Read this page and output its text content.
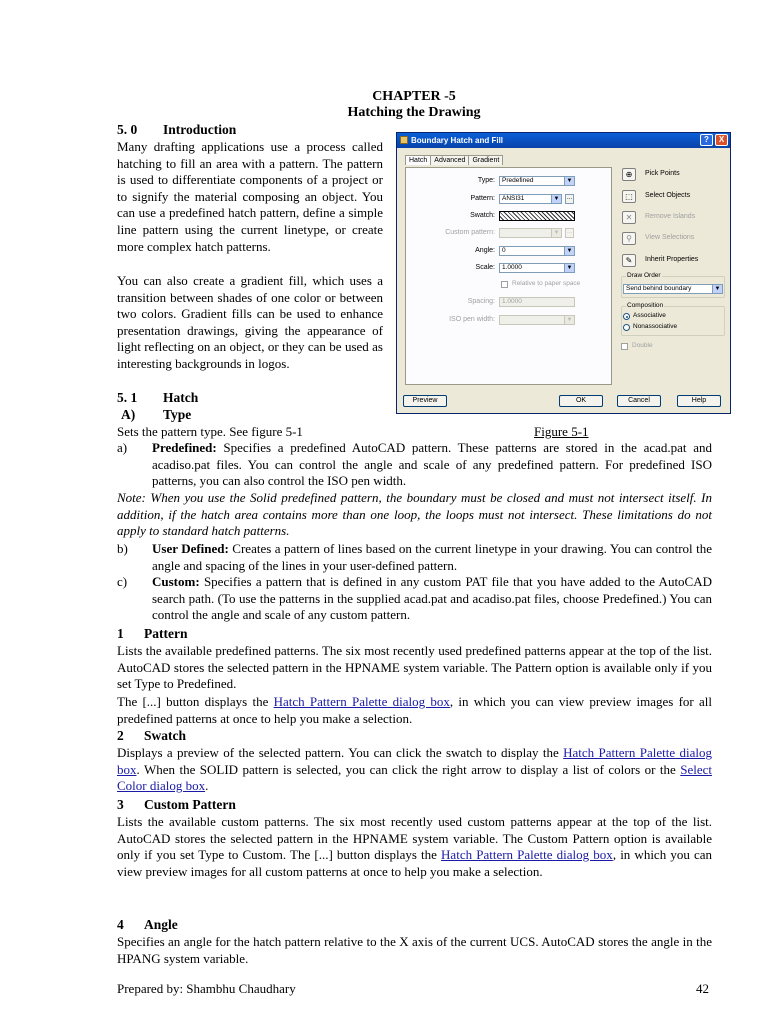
CHAPTER -5
Hatching the Drawing
5. 0 Introduction
Many drafting applications use a process called hatching to fill an area with a pattern. The pattern is used to differentiate components of a project or to signify the material composing an object. You can use a predefined hatch pattern, define a simple line pattern using the current linetype, or create more complex hatch patterns.
You can also create a gradient fill, which uses a transition between shades of one color or between two colors. Gradient fills can be used to enhance presentation drawings, giving the appearance of light reflecting on an object, or they can be used as interesting backgrounds in logos.
5. 1 Hatch
A) Type
Sets the pattern type. See figure 5-1	Figure 5-1
a) Predefined: Specifies a predefined AutoCAD pattern. These patterns are stored in the acad.pat and acadiso.pat files. You can control the angle and scale of any predefined pattern. For predefined ISO patterns, you can also control the ISO pen width.
Note: When you use the Solid predefined pattern, the boundary must be closed and must not intersect itself. In addition, if the hatch area contains more than one loop, the loops must not intersect. These limitations do not apply to standard hatch patterns.
b) User Defined: Creates a pattern of lines based on the current linetype in your drawing. You can control the angle and spacing of the lines in your user-defined pattern.
c) Custom: Specifies a pattern that is defined in any custom PAT file that you have added to the AutoCAD search path. (To use the patterns in the supplied acad.pat and acadiso.pat files, choose Predefined.) You can control the angle and scale of any custom pattern.
1 Pattern
Lists the available predefined patterns. The six most recently used predefined patterns appear at the top of the list. AutoCAD stores the selected pattern in the HPNAME system variable. The Pattern option is available only if you set Type to Predefined.
The [...] button displays the Hatch Pattern Palette dialog box, in which you can view preview images for all predefined patterns at once to help you make a selection.
2 Swatch
Displays a preview of the selected pattern. You can click the swatch to display the Hatch Pattern Palette dialog box. When the SOLID pattern is selected, you can click the right arrow to display a list of colors or the Select Color dialog box.
3 Custom Pattern
Lists the available custom patterns. The six most recently used custom patterns appear at the top of the list. AutoCAD stores the selected pattern in the HPNAME system variable. The Custom Pattern option is available only if you set Type to Custom. The [...] button displays the Hatch Pattern Palette dialog box, in which you can view preview images for all custom patterns at once to help you make a selection.
4 Angle
Specifies an angle for the hatch pattern relative to the X axis of the current UCS. AutoCAD stores the angle in the HPANG system variable.
Prepared by: Shambhu Chaudhary	42
Boundary Hatch and Fill	?	X
Hatch Advanced Gradient
Type:	Predefined	▼
Pattern:	ANSI31	▼	...
Swatch:
Custom pattern:	▼	...
Angle:	0	▼
Scale:	1.0000	▼
Relative to paper space
Spacing:	1.0000
ISO pen width:	▼
⊕	Pick Points
⬚	Select Objects
✕	Remove Islands
⚲	View Selections
✎	Inherit Properties
Draw Order
Send behind boundary	▼
Composition
Associative
Nonassociative
Double
Preview	OK	Cancel	Help
